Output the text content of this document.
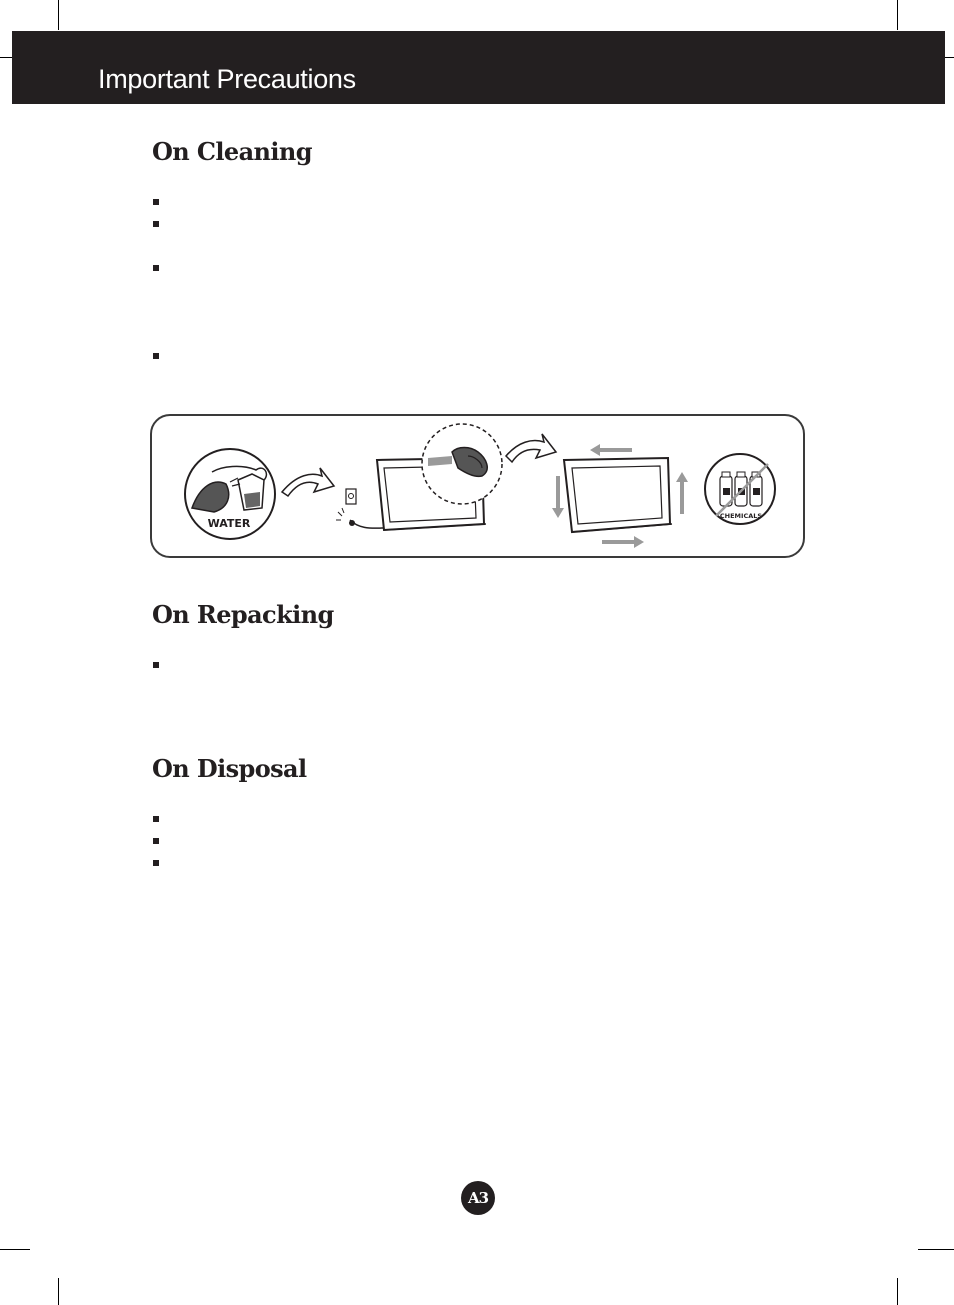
Important Precautions
On Cleaning
WATER
CHEMICALS
On Repacking
On Disposal
A3
